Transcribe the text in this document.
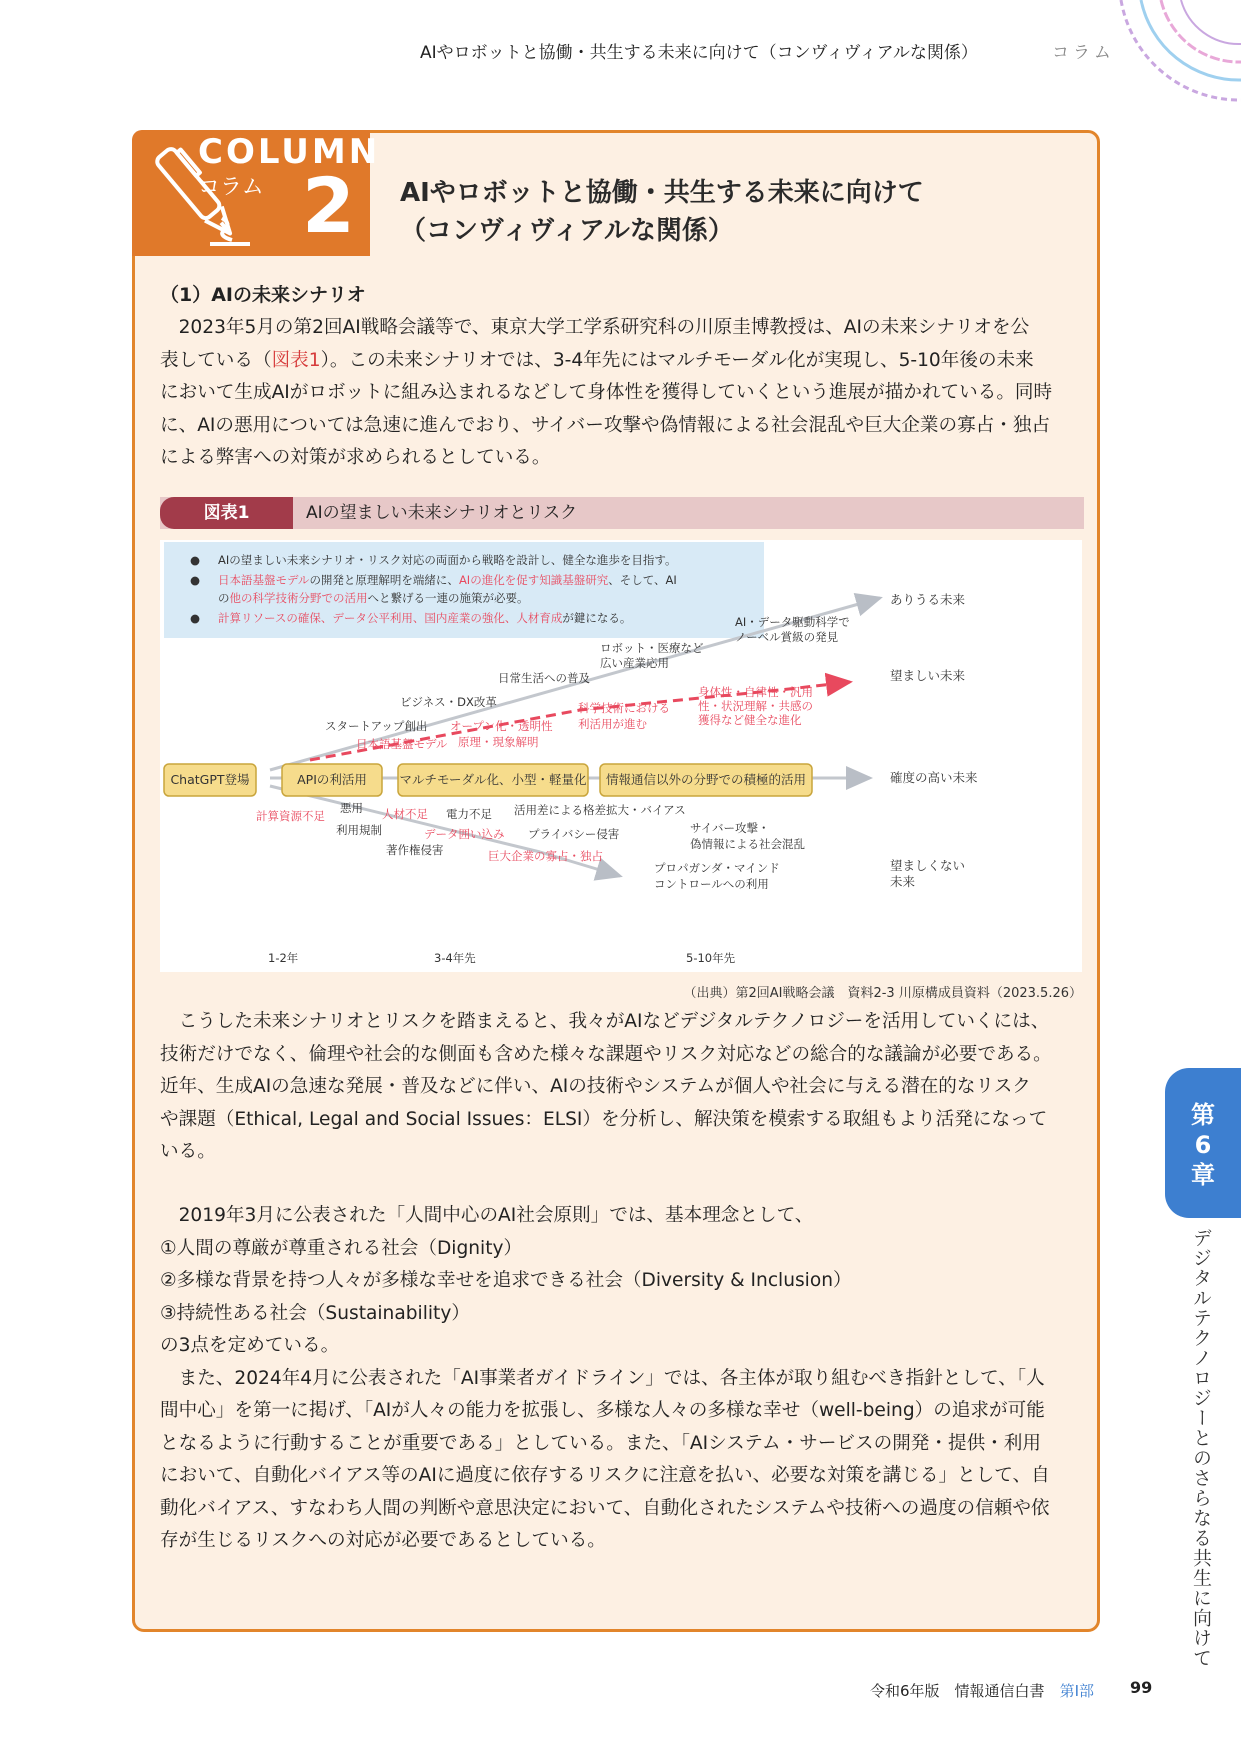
AIやロボットと協働・共生する未来に向けて（コンヴィヴィアルな関係）	コラム
COLUMN
コラム 2 AIやロボットと協働・共生する未来に向けて
（コンヴィヴィアルな関係）
（1）AIの未来シナリオ
　2023年5月の第2回AI戦略会議等で、東京大学工学系研究科の川原圭博教授は、AIの未来シナリオを公
表している（図表1）。この未来シナリオでは、3-4年先にはマルチモーダル化が実現し、5-10年後の未来
において生成AIがロボットに組み込まれるなどして身体性を獲得していくという進展が描かれている。同時
に、AIの悪用については急速に進んでおり、サイバー攻撃や偽情報による社会混乱や巨大企業の寡占・独占
による弊害への対策が求められるとしている。
図表1	AIの望ましい未来シナリオとリスク
●
●
●
AIの望ましい未来シナリオ・リスク対応の両面から戦略を設計し、健全な進歩を目指す。
日本語基盤モデルの開発と原理解明を端緒に、AIの進化を促す知識基盤研究、そして、AI
の他の科学技術分野での活用へと繋げる一連の施策が必要。
計算リソースの確保、データ公平利用、国内産業の強化、人材育成が鍵になる。
ChatGPT登場	APIの利活用	マルチモーダル化、小型・軽量化 情報通信以外の分野での積極的活用
ありうる未来
望ましい未来
確度の高い未来
望ましくない
未来
AI・データ駆動科学で
ノーベル賞級の発見
ロボット・医療など
広い産業応用
日常生活への普及
ビジネス・DX改革
スタートアップ創出 オープン化・透明性
原理・現象解明
日本語基盤モデル
科学技術における
利活用が進む
身体性・自律性・汎用
性・状況理解・共感の
獲得など健全な進化
悪用
利用規制
電力不足 活用差による格差拡大・バイアス
プライバシー侵害
著作権侵害
サイバー攻撃・
偽情報による社会混乱
プロパガンダ・マインド
コントロールへの利用
計算資源不足	人材不足
データ囲い込み
巨大企業の寡占・独占
1-2年	3-4年先	5-10年先
（出典）第2回AI戦略会議　資料2-3 川原構成員資料（2023.5.26）
　こうした未来シナリオとリスクを踏まえると、我々がAIなどデジタルテクノロジーを活用していくには、
技術だけでなく、倫理や社会的な側面も含めた様々な課題やリスク対応などの総合的な議論が必要である。
近年、生成AIの急速な発展・普及などに伴い、AIの技術やシステムが個人や社会に与える潜在的なリスク
や課題（Ethical, Legal and Social Issues：ELSI）を分析し、解決策を模索する取組もより活発になって
いる。
　2019年3月に公表された「人間中心のAI社会原則」では、基本理念として、
①人間の尊厳が尊重される社会（Dignity）
②多様な背景を持つ人々が多様な幸せを追求できる社会（Diversity & Inclusion）
③持続性ある社会（Sustainability）
の3点を定めている。
　また、2024年4月に公表された「AI事業者ガイドライン」では、各主体が取り組むべき指針として、「人
間中心」を第一に掲げ、「AIが人々の能力を拡張し、多様な人々の多様な幸せ（well-being）の追求が可能
となるように行動することが重要である」としている。また、「AIシステム・サービスの開発・提供・利用
において、自動化バイアス等のAIに過度に依存するリスクに注意を払い、必要な対策を講じる」として、自
動化バイアス、すなわち人間の判断や意思決定において、自動化されたシステムや技術への過度の信頼や依
存が生じるリスクへの対応が必要であるとしている。
第
6
章
デジタルテクノロジーとのさらなる共生に向けて
令和6年版　情報通信白書　 第Ⅰ部 99
